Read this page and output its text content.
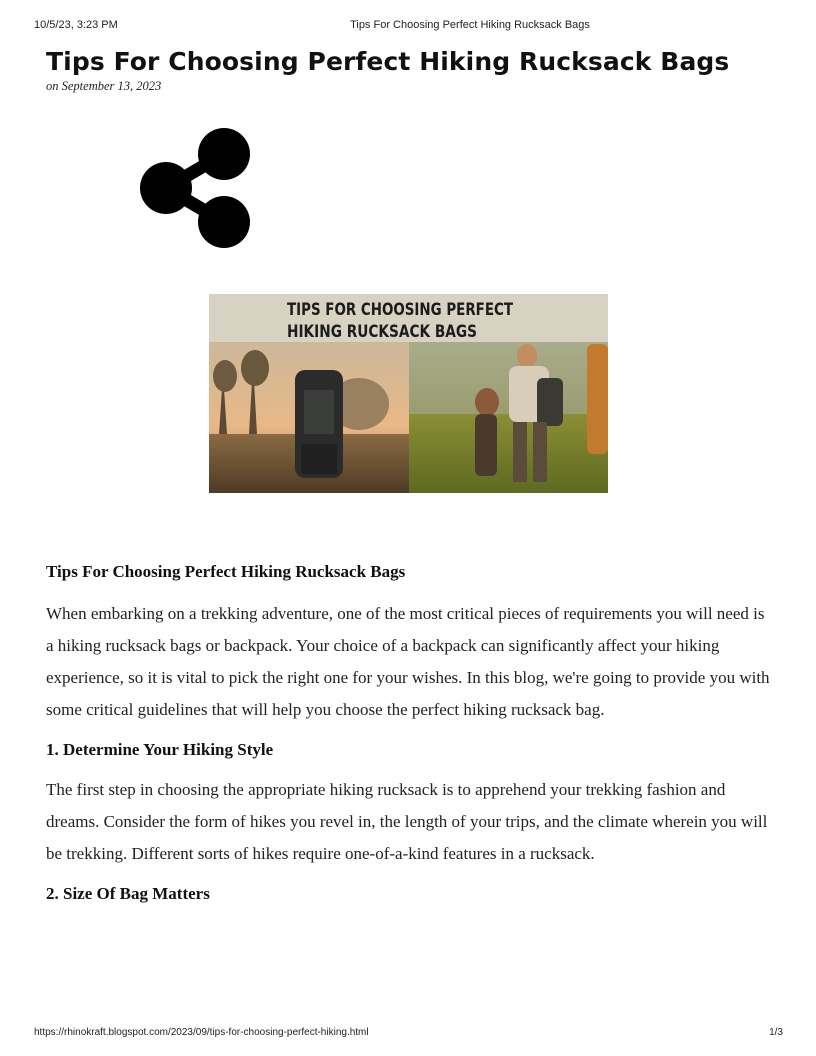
10/5/23, 3:23 PM	Tips For Choosing Perfect Hiking Rucksack Bags
Tips For Choosing Perfect Hiking Rucksack Bags
on September 13, 2023
TIPS FOR CHOOSING PERFECT
HIKING RUCKSACK BAGS
Tips For Choosing Perfect Hiking Rucksack Bags

When embarking on a trekking adventure, one of the most critical pieces of requirements you will need is a hiking rucksack bags or backpack. Your choice of a backpack can significantly affect your hiking experience, so it is vital to pick the right one for your wishes. In this blog, we're going to provide you with some critical guidelines that will help you choose the perfect hiking rucksack bag.

1. Determine Your Hiking Style

The first step in choosing the appropriate hiking rucksack is to apprehend your trekking fashion and dreams. Consider the form of hikes you revel in, the length of your trips, and the climate wherein you will be trekking. Different sorts of hikes require one-of-a-kind features in a rucksack.

2. Size Of Bag Matters
https://rhinokraft.blogspot.com/2023/09/tips-for-choosing-perfect-hiking.html	1/3
